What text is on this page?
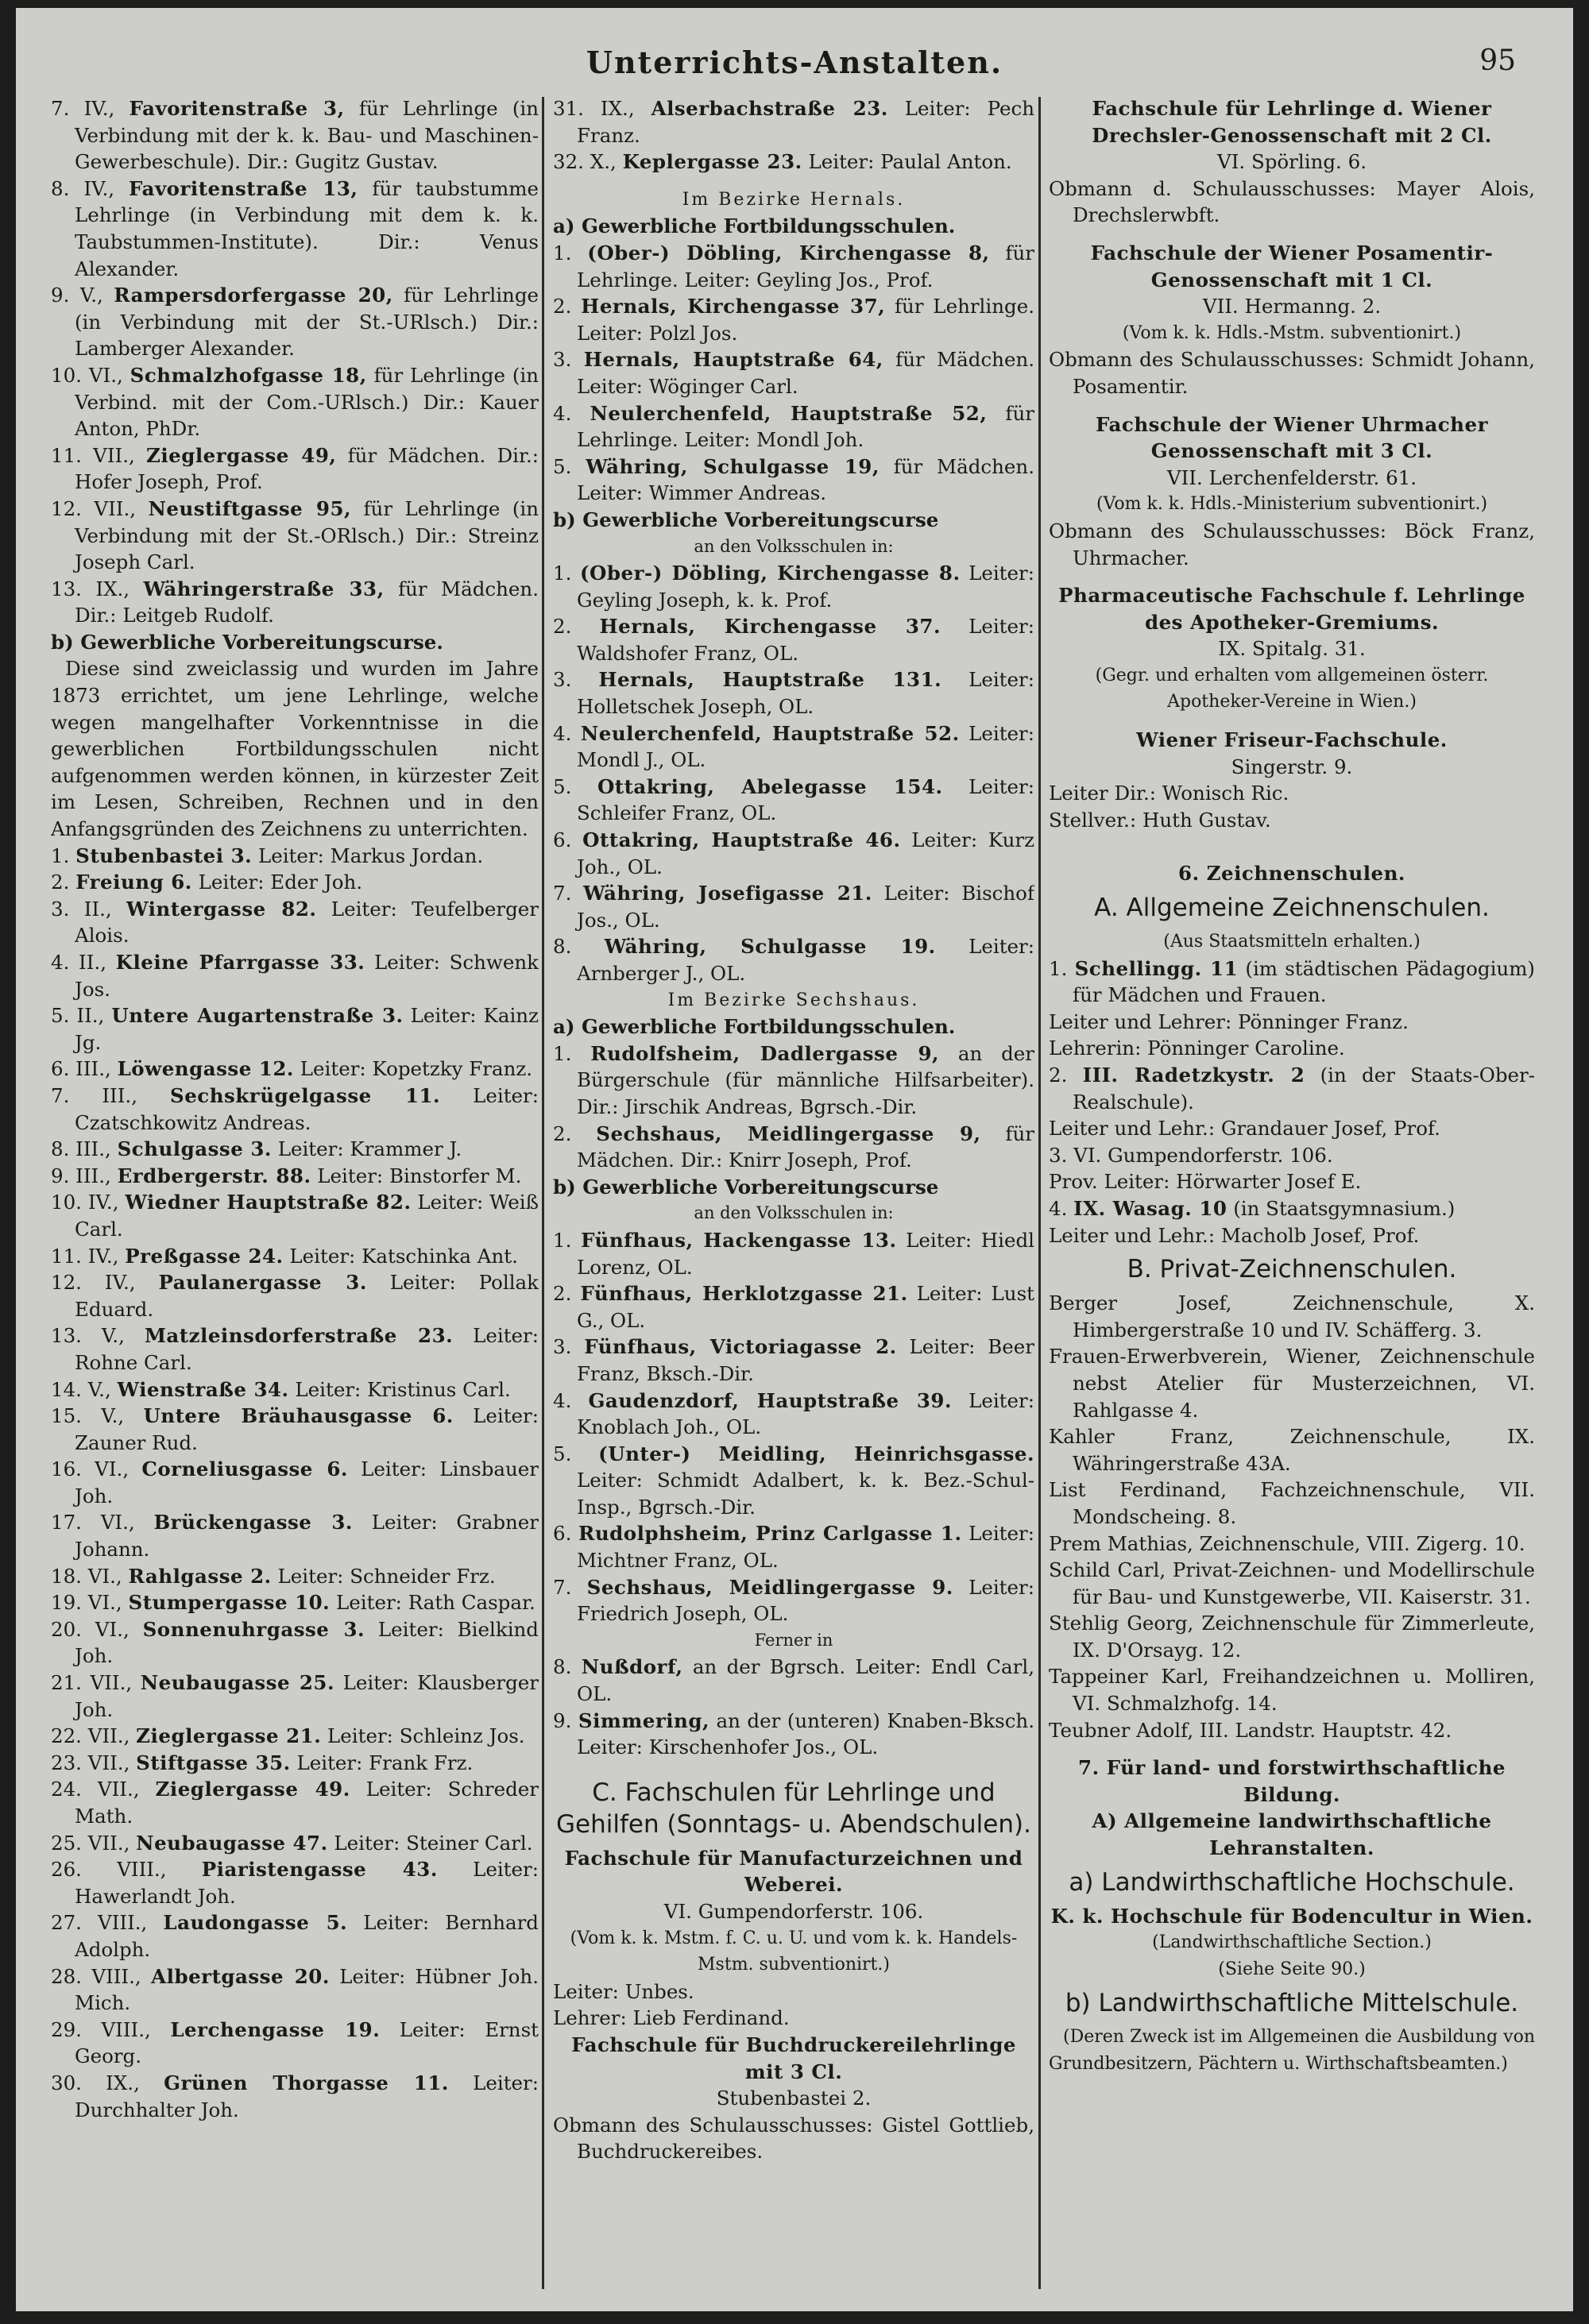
Unterrichts-Anstalten.	95

7. IV., Favoritenstraße 3, für Lehrlinge (in Verbindung mit der k. k. Bau- und Maschinen-Gewerbeschule). Dir.: Gugitz Gustav.

8. IV., Favoritenstraße 13, für taubstumme Lehrlinge (in Verbindung mit dem k. k. Taubstummen-Institute). Dir.: Venus Alexander.

9. V., Rampersdorfergasse 20, für Lehrlinge (in Verbindung mit der St.-URlsch.) Dir.: Lamberger Alexander.

10. VI., Schmalzhofgasse 18, für Lehrlinge (in Verbind. mit der Com.-URlsch.) Dir.: Kauer Anton, PhDr.

11. VII., Zieglergasse 49, für Mädchen. Dir.: Hofer Joseph, Prof.

12. VII., Neustiftgasse 95, für Lehrlinge (in Verbindung mit der St.-ORlsch.) Dir.: Streinz Joseph Carl.

13. IX., Währingerstraße 33, für Mädchen. Dir.: Leitgeb Rudolf.

b) Gewerbliche Vorbereitungscurse.

Diese sind zweiclassig und wurden im Jahre 1873 errichtet, um jene Lehrlinge, welche wegen mangelhafter Vorkenntnisse in die gewerblichen Fortbildungsschulen nicht aufgenommen werden können, in kürzester Zeit im Lesen, Schreiben, Rechnen und in den Anfangsgründen des Zeichnens zu unterrichten.

1. Stubenbastei 3. Leiter: Markus Jordan.

2. Freiung 6. Leiter: Eder Joh.

3. II., Wintergasse 82. Leiter: Teufelberger Alois.

4. II., Kleine Pfarrgasse 33. Leiter: Schwenk Jos.

5. II., Untere Augartenstraße 3. Leiter: Kainz Jg.

6. III., Löwengasse 12. Leiter: Kopetzky Franz.

7. III., Sechskrügelgasse 11. Leiter: Czatschkowitz Andreas.

8. III., Schulgasse 3. Leiter: Krammer J.

9. III., Erdbergerstr. 88. Leiter: Binstorfer M.

10. IV., Wiedner Hauptstraße 82. Leiter: Weiß Carl.

11. IV., Preßgasse 24. Leiter: Katschinka Ant.

12. IV., Paulanergasse 3. Leiter: Pollak Eduard.

13. V., Matzleinsdorferstraße 23. Leiter: Rohne Carl.

14. V., Wienstraße 34. Leiter: Kristinus Carl.

15. V., Untere Bräuhausgasse 6. Leiter: Zauner Rud.

16. VI., Corneliusgasse 6. Leiter: Linsbauer Joh.

17. VI., Brückengasse 3. Leiter: Grabner Johann.

18. VI., Rahlgasse 2. Leiter: Schneider Frz.

19. VI., Stumpergasse 10. Leiter: Rath Caspar.

20. VI., Sonnenuhrgasse 3. Leiter: Bielkind Joh.

21. VII., Neubaugasse 25. Leiter: Klausberger Joh.

22. VII., Zieglergasse 21. Leiter: Schleinz Jos.

23. VII., Stiftgasse 35. Leiter: Frank Frz.

24. VII., Zieglergasse 49. Leiter: Schreder Math.

25. VII., Neubaugasse 47. Leiter: Steiner Carl.

26. VIII., Piaristengasse 43. Leiter: Hawerlandt Joh.

27. VIII., Laudongasse 5. Leiter: Bernhard Adolph.

28. VIII., Albertgasse 20. Leiter: Hübner Joh. Mich.

29. VIII., Lerchengasse 19. Leiter: Ernst Georg.

30. IX., Grünen Thorgasse 11. Leiter: Durchhalter Joh.

31. IX., Alserbachstraße 23. Leiter: Pech Franz.

32. X., Keplergasse 23. Leiter: Paulal Anton.

Im Bezirke Hernals.

a) Gewerbliche Fortbildungsschulen.

1. (Ober-) Döbling, Kirchengasse 8, für Lehrlinge. Leiter: Geyling Jos., Prof.

2. Hernals, Kirchengasse 37, für Lehrlinge. Leiter: Polzl Jos.

3. Hernals, Hauptstraße 64, für Mädchen. Leiter: Wöginger Carl.

4. Neulerchenfeld, Hauptstraße 52, für Lehrlinge. Leiter: Mondl Joh.

5. Währing, Schulgasse 19, für Mädchen. Leiter: Wimmer Andreas.

b) Gewerbliche Vorbereitungscurse

an den Volksschulen in:

1. (Ober-) Döbling, Kirchengasse 8. Leiter: Geyling Joseph, k. k. Prof.

2. Hernals, Kirchengasse 37. Leiter: Waldshofer Franz, OL.

3. Hernals, Hauptstraße 131. Leiter: Holletschek Joseph, OL.

4. Neulerchenfeld, Hauptstraße 52. Leiter: Mondl J., OL.

5. Ottakring, Abelegasse 154. Leiter: Schleifer Franz, OL.

6. Ottakring, Hauptstraße 46. Leiter: Kurz Joh., OL.

7. Währing, Josefigasse 21. Leiter: Bischof Jos., OL.

8. Währing, Schulgasse 19. Leiter: Arnberger J., OL.

Im Bezirke Sechshaus.

a) Gewerbliche Fortbildungsschulen.

1. Rudolfsheim, Dadlergasse 9, an der Bürgerschule (für männliche Hilfsarbeiter). Dir.: Jirschik Andreas, Bgrsch.-Dir.

2. Sechshaus, Meidlingergasse 9, für Mädchen. Dir.: Knirr Joseph, Prof.

b) Gewerbliche Vorbereitungscurse

an den Volksschulen in:

1. Fünfhaus, Hackengasse 13. Leiter: Hiedl Lorenz, OL.

2. Fünfhaus, Herklotzgasse 21. Leiter: Lust G., OL.

3. Fünfhaus, Victoriagasse 2. Leiter: Beer Franz, Bksch.-Dir.

4. Gaudenzdorf, Hauptstraße 39. Leiter: Knoblach Joh., OL.

5. (Unter-) Meidling, Heinrichsgasse. Leiter: Schmidt Adalbert, k. k. Bez.-Schul-Insp., Bgrsch.-Dir.

6. Rudolphsheim, Prinz Carlgasse 1. Leiter: Michtner Franz, OL.

7. Sechshaus, Meidlingergasse 9. Leiter: Friedrich Joseph, OL.

Ferner in

8. Nußdorf, an der Bgrsch. Leiter: Endl Carl, OL.

9. Simmering, an der (unteren) Knaben-Bksch. Leiter: Kirschenhofer Jos., OL.

C. Fachschulen für Lehrlinge und Gehilfen (Sonntags- u. Abendschulen).

Fachschule für Manufacturzeichnen und Weberei.

VI. Gumpendorferstr. 106.

(Vom k. k. Mstm. f. C. u. U. und vom k. k. Handels-Mstm. subventionirt.)

Leiter: Unbes.

Lehrer: Lieb Ferdinand.

Fachschule für Buchdruckereilehrlinge mit 3 Cl.

Stubenbastei 2.

Obmann des Schulausschusses: Gistel Gottlieb, Buchdruckereibes.

Fachschule für Lehrlinge d. Wiener Drechsler-Genossenschaft mit 2 Cl.

VI. Spörling. 6.

Obmann d. Schulausschusses: Mayer Alois, Drechslerwbft.

Fachschule der Wiener Posamentir-Genossenschaft mit 1 Cl.

VII. Hermanng. 2.

(Vom k. k. Hdls.-Mstm. subventionirt.)

Obmann des Schulausschusses: Schmidt Johann, Posamentir.

Fachschule der Wiener Uhrmacher Genossenschaft mit 3 Cl.

VII. Lerchenfelderstr. 61.

(Vom k. k. Hdls.-Ministerium subventionirt.)

Obmann des Schulausschusses: Böck Franz, Uhrmacher.

Pharmaceutische Fachschule f. Lehrlinge des Apotheker-Gremiums.

IX. Spitalg. 31.

(Gegr. und erhalten vom allgemeinen österr. Apotheker-Vereine in Wien.)

Wiener Friseur-Fachschule.

Singerstr. 9.

Leiter Dir.: Wonisch Ric.

Stellver.: Huth Gustav.

6. Zeichnenschulen.

A. Allgemeine Zeichnenschulen.

(Aus Staatsmitteln erhalten.)

1. Schellingg. 11 (im städtischen Pädagogium) für Mädchen und Frauen.

Leiter und Lehrer: Pönninger Franz.

Lehrerin: Pönninger Caroline.

2. III. Radetzkystr. 2 (in der Staats-Ober-Realschule).

Leiter und Lehr.: Grandauer Josef, Prof.

3. VI. Gumpendorferstr. 106.

Prov. Leiter: Hörwarter Josef E.

4. IX. Wasag. 10 (in Staatsgymnasium.)

Leiter und Lehr.: Macholb Josef, Prof.

B. Privat-Zeichnenschulen.

Berger Josef, Zeichnenschule, X. Himbergerstraße 10 und IV. Schäfferg. 3.

Frauen-Erwerbverein, Wiener, Zeichnenschule nebst Atelier für Musterzeichnen, VI. Rahlgasse 4.

Kahler Franz, Zeichnenschule, IX. Währingerstraße 43A.

List Ferdinand, Fachzeichnenschule, VII. Mondscheing. 8.

Prem Mathias, Zeichnenschule, VIII. Zigerg. 10.

Schild Carl, Privat-Zeichnen- und Modellirschule für Bau- und Kunstgewerbe, VII. Kaiserstr. 31.

Stehlig Georg, Zeichnenschule für Zimmerleute, IX. D'Orsayg. 12.

Tappeiner Karl, Freihandzeichnen u. Molliren, VI. Schmalzhofg. 14.

Teubner Adolf, III. Landstr. Hauptstr. 42.

7. Für land- und forstwirthschaftliche Bildung.

A) Allgemeine landwirthschaftliche Lehranstalten.

a) Landwirthschaftliche Hochschule.

K. k. Hochschule für Bodencultur in Wien.

(Landwirthschaftliche Section.)

(Siehe Seite 90.)

b) Landwirthschaftliche Mittelschule.

(Deren Zweck ist im Allgemeinen die Ausbildung von Grundbesitzern, Pächtern u. Wirthschaftsbeamten.)
